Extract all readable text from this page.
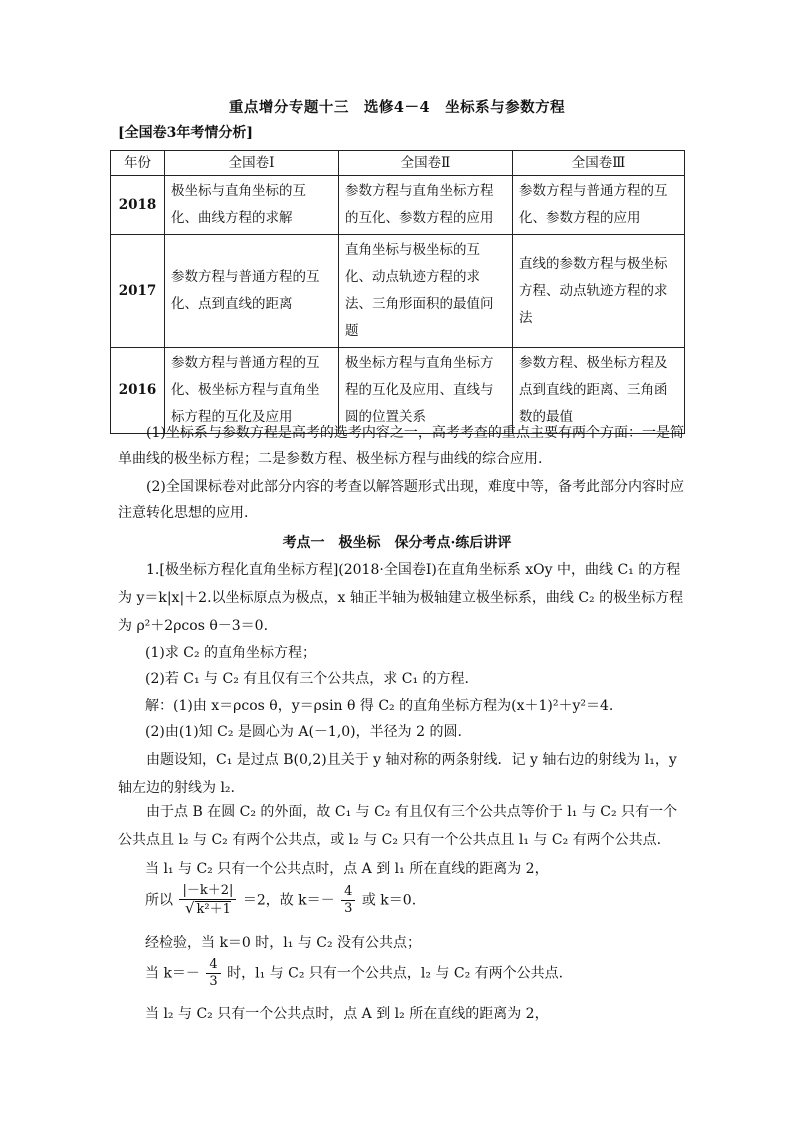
重点增分专题十三　选修4－4　坐标系与参数方程
[全国卷3年考情分析]
年份	全国卷Ⅰ	全国卷Ⅱ	全国卷Ⅲ
2018	极坐标与直角坐标的互化、曲线方程的求解	参数方程与直角坐标方程的互化、参数方程的应用	参数方程与普通方程的互化、参数方程的应用
2017	参数方程与普通方程的互化、点到直线的距离	直角坐标与极坐标的互化、动点轨迹方程的求法、三角形面积的最值问题	直线的参数方程与极坐标方程、动点轨迹方程的求法
2016	参数方程与普通方程的互化、极坐标方程与直角坐标方程的互化及应用	极坐标方程与直角坐标方程的互化及应用、直线与圆的位置关系	参数方程、极坐标方程及点到直线的距离、三角函数的最值

(1)坐标系与参数方程是高考的选考内容之一，高考考查的重点主要有两个方面：一是简单曲线的极坐标方程；二是参数方程、极坐标方程与曲线的综合应用.

(2)全国课标卷对此部分内容的考查以解答题形式出现，难度中等，备考此部分内容时应注意转化思想的应用.

考点一　极坐标　保分考点·练后讲评
1.[极坐标方程化直角坐标方程](2018·全国卷Ⅰ)在直角坐标系 xOy 中，曲线 C₁ 的方程为 y＝k|x|＋2.以坐标原点为极点，x 轴正半轴为极轴建立极坐标系，曲线 C₂ 的极坐标方程为 ρ²＋2ρcos θ－3＝0.
(1)求 C₂ 的直角坐标方程；
(2)若 C₁ 与 C₂ 有且仅有三个公共点，求 C₁ 的方程.
解：(1)由 x＝ρcos θ，y＝ρsin θ 得 C₂ 的直角坐标方程为(x＋1)²＋y²＝4.
(2)由(1)知 C₂ 是圆心为 A(－1,0)，半径为 2 的圆.
由题设知，C₁ 是过点 B(0,2)且关于 y 轴对称的两条射线．记 y 轴右边的射线为 l₁，y 轴左边的射线为 l₂.
由于点 B 在圆 C₂ 的外面，故 C₁ 与 C₂ 有且仅有三个公共点等价于 l₁ 与 C₂ 只有一个公共点且 l₂ 与 C₂ 有两个公共点，或 l₂ 与 C₂ 只有一个公共点且 l₁ 与 C₂ 有两个公共点.
当 l₁ 与 C₂ 只有一个公共点时，点 A 到 l₁ 所在直线的距离为 2，
所以 $\frac{|-k+2|}{\text{√ k²＋1}} =2$，故 $k=- \frac{4}{3}$ 或 k＝0.
经检验，当 k＝0 时，l₁ 与 C₂ 没有公共点；
当 $k=- \frac{4}{3}$ 时，l₁ 与 C₂ 只有一个公共点，l₂ 与 C₂ 有两个公共点.
当 l₂ 与 C₂ 只有一个公共点时，点 A 到 l₂ 所在直线的距离为 2，
